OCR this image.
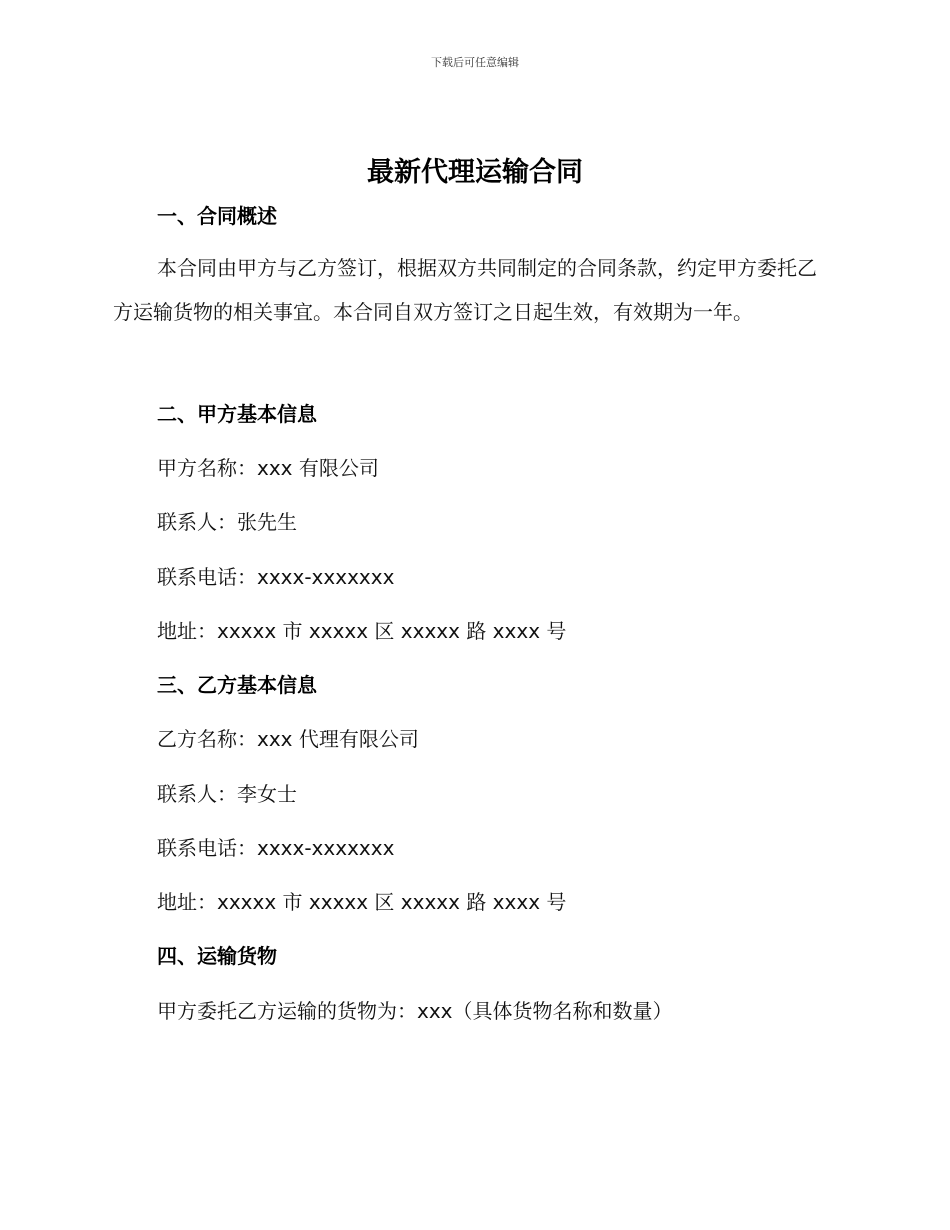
下载后可任意编辑
最新代理运输合同
一、合同概述

本合同由甲方与乙方签订，根据双方共同制定的合同条款，约定甲方委托乙方运输货物的相关事宜。本合同自双方签订之日起生效，有效期为一年。

二、甲方基本信息
甲方名称：xxx 有限公司
联系人：张先生
联系电话：xxxx-xxxxxxx
地址：xxxxx 市 xxxxx 区 xxxxx 路 xxxx 号
三、乙方基本信息
乙方名称：xxx 代理有限公司
联系人：李女士
联系电话：xxxx-xxxxxxx
地址：xxxxx 市 xxxxx 区 xxxxx 路 xxxx 号
四、运输货物
甲方委托乙方运输的货物为：xxx（具体货物名称和数量）
